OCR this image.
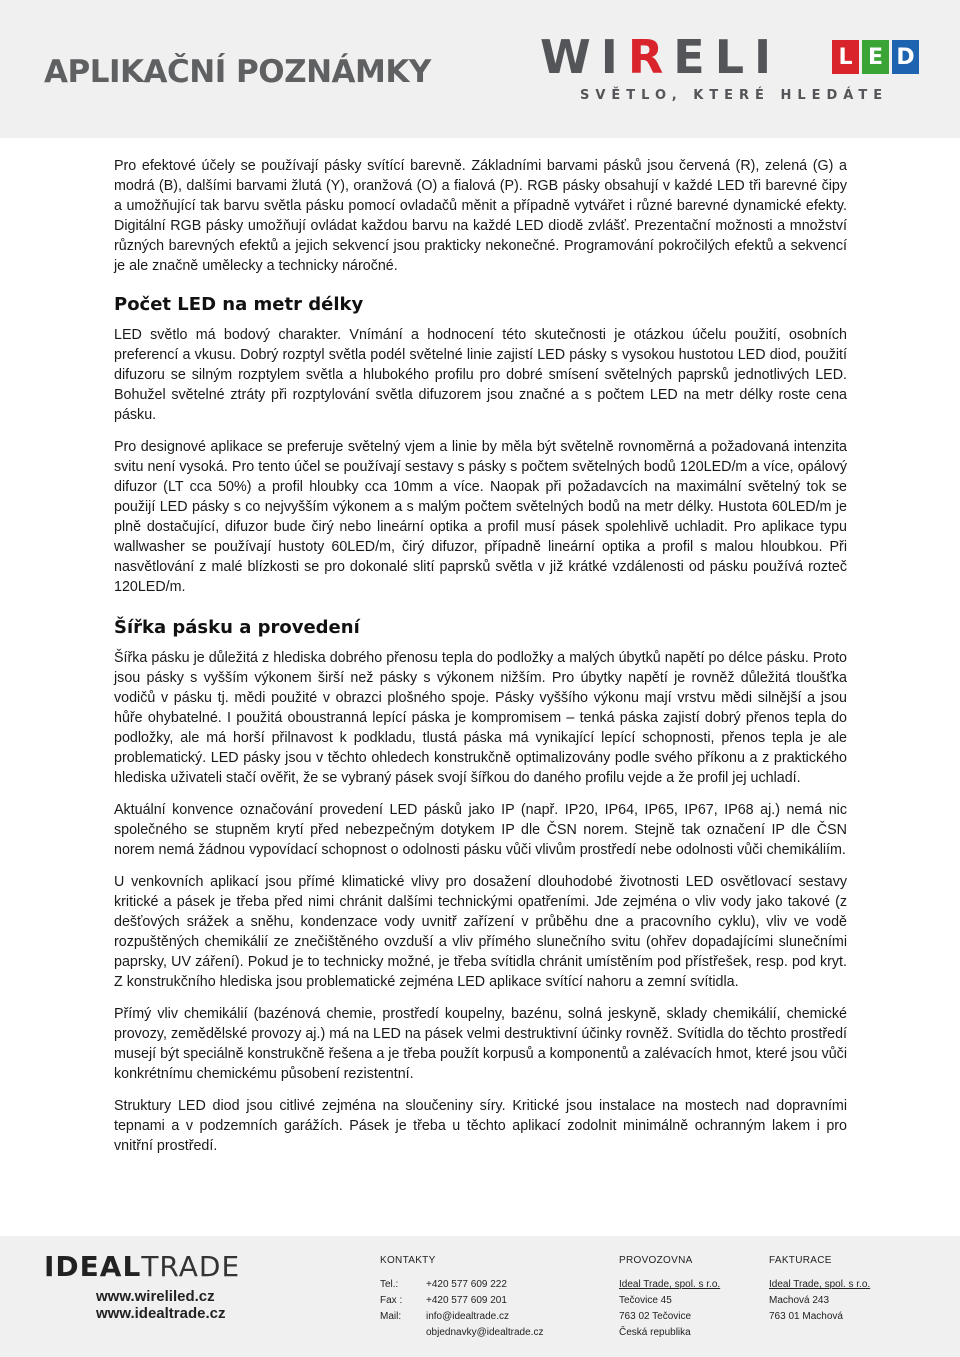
APLIKAČNÍ POZNÁMKY WIRELI	L E D
SVĚTLO, KTERÉ HLEDÁTE

Pro efektové účely se používají pásky svítící barevně. Základními barvami pásků jsou červená (R), zelená (G) a modrá (B), dalšími barvami žlutá (Y), oranžová (O) a fialová (P). RGB pásky obsahují v každé LED tři barevné čipy a umožňující tak barvu světla pásku pomocí ovladačů měnit a případně vytvářet i různé barevné dynamické efekty. Digitální RGB pásky umožňují ovládat každou barvu na každé LED diodě zvlášť. Prezentační možnosti a množství různých barevných efektů a jejich sekvencí jsou prakticky nekonečné. Programování pokročilých efektů a sekvencí je ale značně umělecky a technicky náročné.

Počet LED na metr délky

LED světlo má bodový charakter. Vnímání a hodnocení této skutečnosti je otázkou účelu použití, osobních preferencí a vkusu. Dobrý rozptyl světla podél světelné linie zajistí LED pásky s vysokou hustotou LED diod, použití difuzoru se silným rozptylem světla a hlubokého profilu pro dobré smísení světelných paprsků jednotlivých LED. Bohužel světelné ztráty při rozptylování světla difuzorem jsou značné a s počtem LED na metr délky roste cena pásku.

Pro designové aplikace se preferuje světelný vjem a linie by měla být světelně rovnoměrná a požadovaná intenzita svitu není vysoká. Pro tento účel se používají sestavy s pásky s počtem světelných bodů 120LED/m a více, opálový difuzor (LT cca 50%) a profil hloubky cca 10mm a více. Naopak při požadavcích na maximální světelný tok se použijí LED pásky s co nejvyšším výkonem a s malým počtem světelných bodů na metr délky. Hustota 60LED/m je plně dostačující, difuzor bude čirý nebo lineární optika a profil musí pásek spolehlivě uchladit. Pro aplikace typu wallwasher se používají hustoty 60LED/m, čirý difuzor, případně lineární optika a profil s malou hloubkou. Při nasvětlování z malé blízkosti se pro dokonalé slití paprsků světla v již krátké vzdálenosti od pásku používá rozteč 120LED/m.

Šířka pásku a provedení

Šířka pásku je důležitá z hlediska dobrého přenosu tepla do podložky a malých úbytků napětí po délce pásku. Proto jsou pásky s vyšším výkonem širší než pásky s výkonem nižším. Pro úbytky napětí je rovněž důležitá tloušťka vodičů v pásku tj. mědi použité v obrazci plošného spoje. Pásky vyššího výkonu mají vrstvu mědi silnější a jsou hůře ohybatelné. I použitá oboustranná lepící páska je kompromisem – tenká páska zajistí dobrý přenos tepla do podložky, ale má horší přilnavost k podkladu, tlustá páska má vynikající lepící schopnosti, přenos tepla je ale problematický. LED pásky jsou v těchto ohledech konstrukčně optimalizovány podle svého příkonu a z praktického hlediska uživateli stačí ověřit, že se vybraný pásek svojí šířkou do daného profilu vejde a že profil jej uchladí.

Aktuální konvence označování provedení LED pásků jako IP (např. IP20, IP64, IP65, IP67, IP68 aj.) nemá nic společného se stupněm krytí před nebezpečným dotykem IP dle ČSN norem. Stejně tak označení IP dle ČSN norem nemá žádnou vypovídací schopnost o odolnosti pásku vůči vlivům prostředí nebe odolnosti vůči chemikáliím.

U venkovních aplikací jsou přímé klimatické vlivy pro dosažení dlouhodobé životnosti LED osvětlovací sestavy kritické a pásek je třeba před nimi chránit dalšími technickými opatřeními. Jde zejména o vliv vody jako takové (z dešťových srážek a sněhu, kondenzace vody uvnitř zařízení v průběhu dne a pracovního cyklu), vliv ve vodě rozpuštěných chemikálií ze znečištěného ovzduší a vliv přímého slunečního svitu (ohřev dopadajícími slunečními paprsky, UV záření). Pokud je to technicky možné, je třeba svítidla chránit umístěním pod přístřešek, resp. pod kryt. Z konstrukčního hlediska jsou problematické zejména LED aplikace svítící nahoru a zemní svítidla.

Přímý vliv chemikálií (bazénová chemie, prostředí koupelny, bazénu, solná jeskyně, sklady chemikálií, chemické provozy, zemědělské provozy aj.) má na LED na pásek velmi destruktivní účinky rovněž. Svítidla do těchto prostředí musejí být speciálně konstrukčně řešena a je třeba použít korpusů a komponentů a zalévacích hmot, které jsou vůči konkrétnímu chemickému působení rezistentní.

Struktury LED diod jsou citlivé zejména na sloučeniny síry. Kritické jsou instalace na mostech nad dopravními tepnami a v podzemních garážích. Pásek je třeba u těchto aplikací zodolnit minimálně ochranným lakem i pro vnitřní prostředí.

IDEALTRADE
www.wireliled.cz
www.idealtrade.cz
KONTAKTY
Tel.:	+420 577 609 222
Fax :	+420 577 609 201
Mail:	info@idealtrade.cz
objednavky@idealtrade.cz
PROVOZOVNA
Ideal Trade, spol. s r.o.
Tečovice 45
763 02 Tečovice
Česká republika
FAKTURACE
Ideal Trade, spol. s r.o.
Machová 243
763 01 Machová
